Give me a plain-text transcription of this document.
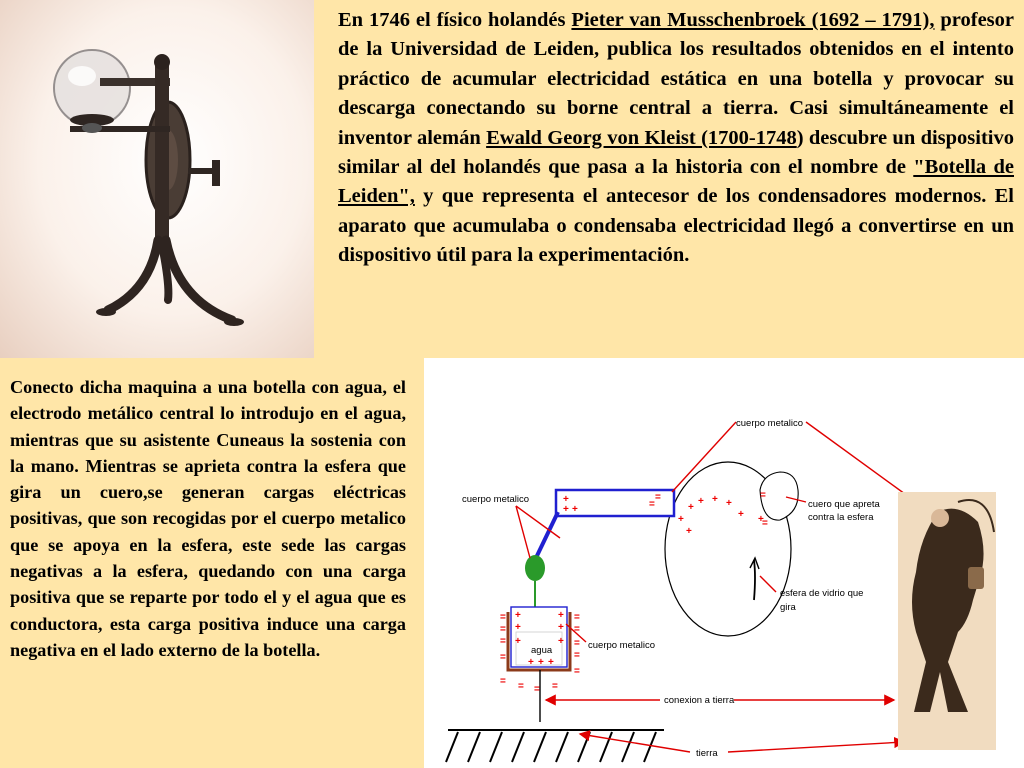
En 1746 el físico holandés Pieter van Musschenbroek (1692 – 1791), profesor de la Universidad de Leiden, publica los resultados obtenidos en el intento práctico de acumular electricidad estática en una botella y provocar su descarga conectando su borne central a tierra. Casi simultáneamente el inventor alemán Ewald Georg von Kleist (1700-1748) descubre un dispositivo similar al del holandés que pasa a la historia con el nombre de "Botella de Leiden", y que representa el antecesor de los condensadores modernos. El aparato que acumulaba o condensaba electricidad llegó a convertirse en un dispositivo útil para la experimentación.
Conecto dicha maquina a una botella con agua, el electrodo metálico central lo introdujo en el agua, mientras que su asistente Cuneaus la sostenia con la mano. Mientras se aprieta contra la esfera que gira un cuero,se generan cargas eléctricas positivas, que son recogidas por el cuerpo metalico que se apoya en la esfera, este sede las cargas negativas a la esfera, quedando con una carga positiva que se reparte por todo el y el agua que es conductora, esta carga positiva induce una carga negativa en el lado externo de la botella.
+
+ +
=
=	+
+
+ + +
+
+
+
=
=
=
=
=
=
=
+
+
+
+
+
+
=
=
=
=
=
= = =
+ + +
cuerpo metalico
cuerpo metalico
cuerpo metalico
cuero que apreta
contra la esfera
esfera de vidrio que
gira
agua
conexion a tierra
tierra
